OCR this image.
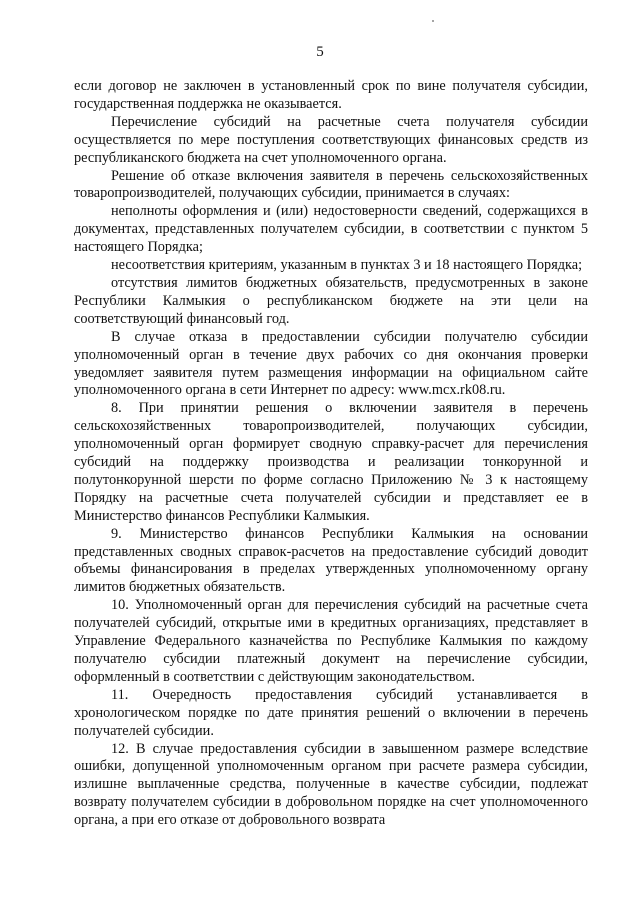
5

если договор не заключен в установленный срок по вине получателя субсидии, государственная поддержка не оказывается.

Перечисление субсидий на расчетные счета получателя субсидии осуществляется по мере поступления соответствующих финансовых средств из республиканского бюджета на счет уполномоченного органа.

Решение об отказе включения заявителя в перечень сельскохозяйственных товаропроизводителей, получающих субсидии, принимается в случаях:

неполноты оформления и (или) недостоверности сведений, содержащихся в документах, представленных получателем субсидии, в соответствии с пунктом 5 настоящего Порядка;

несоответствия критериям, указанным в пунктах 3 и 18 настоящего Порядка;

отсутствия лимитов бюджетных обязательств, предусмотренных в законе Республики Калмыкия о республиканском бюджете на эти цели на соответствующий финансовый год.

В случае отказа в предоставлении субсидии получателю субсидии уполномоченный орган в течение двух рабочих со дня окончания проверки уведомляет заявителя путем размещения информации на официальном сайте уполномоченного органа в сети Интернет по адресу: www.mcx.rk08.ru.

8. При принятии решения о включении заявителя в перечень сельскохозяйственных товаропроизводителей, получающих субсидии, уполномоченный орган формирует сводную справку-расчет для перечисления субсидий на поддержку производства и реализации тонкорунной и полутонкорунной шерсти по форме согласно Приложению № 3 к настоящему Порядку на расчетные счета получателей субсидии и представляет ее в Министерство финансов Республики Калмыкия.

9. Министерство финансов Республики Калмыкия на основании представленных сводных справок-расчетов на предоставление субсидий доводит объемы финансирования в пределах утвержденных уполномоченному органу лимитов бюджетных обязательств.

10. Уполномоченный орган для перечисления субсидий на расчетные счета получателей субсидий, открытые ими в кредитных организациях, представляет в Управление Федерального казначейства по Республике Калмыкия по каждому получателю субсидии платежный документ на перечисление субсидии, оформленный в соответствии с действующим законодательством.

11. Очередность предоставления субсидий устанавливается в хронологическом порядке по дате принятия решений о включении в перечень получателей субсидии.

12. В случае предоставления субсидии в завышенном размере вследствие ошибки, допущенной уполномоченным органом при расчете размера субсидии, излишне выплаченные средства, полученные в качестве субсидии, подлежат возврату получателем субсидии в добровольном порядке на счет уполномоченного органа, а при его отказе от добровольного возврата
